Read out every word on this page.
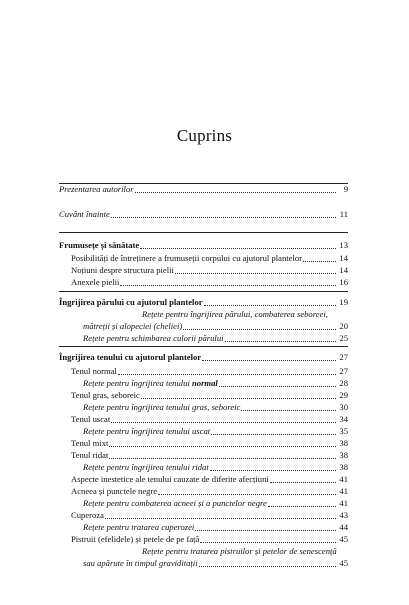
Cuprins
Prezentarea autorilor	9
Cuvânt înainte	11
Frumusețe și sănătate	13
Posibilități de întreținere a frumuseții corpului cu ajutorul plantelor	14
Noțiuni despre structura pielii	14
Anexele pielii	16
Îngrijirea părului cu ajutorul plantelor	19
Rețete pentru îngrijirea părului, combaterea seboreei,
mătreții și alopeciei (cheliei)	20
Rețete pentru schimbarea culorii părului	25
Îngrijirea tenului cu ajutorul plantelor	27
Tenul normal	27
Rețete pentru îngrijirea tenului normal	28
Tenul gras, seboreic	29
Rețete pentru îngrijirea tenului gras, seboreic	30
Tenul uscat	34
Rețete pentru îngrijirea tenului uscat	35
Tenul mixt	38
Tenul ridat	38
Rețete pentru îngrijirea tenului ridat	38
Aspecte inestetice ale tenului cauzate de diferite afecțiuni	41
Acneea și punctele negre	41
Rețete pentru combaterea acneei și a punctelor negre	41
Cuperoza	43
Rețete pentru tratarea cuperozei	44
Pistruii (efelidele) și petele de pe față	45
Rețete pentru tratarea pistruilor și petelor de senescență
sau apărute în timpul graviditații	45
